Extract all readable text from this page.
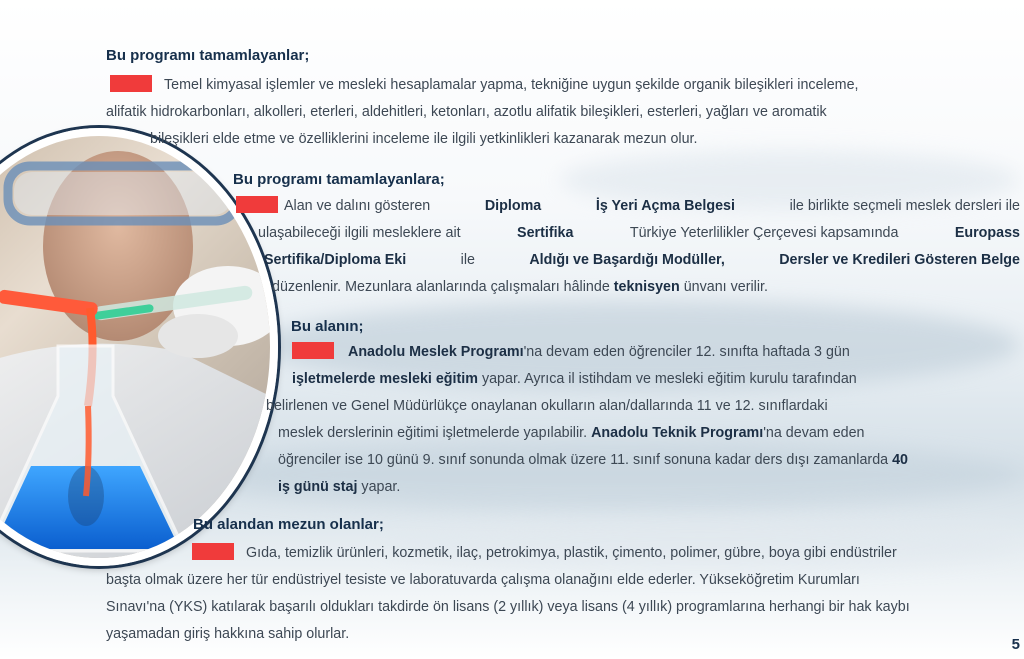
Bu programı tamamlayanlar;
Temel kimyasal işlemler ve mesleki hesaplamalar yapma, tekniğine uygun şekilde organik bileşikleri inceleme,
alifatik hidrokarbonları, alkolleri, eterleri, aldehitleri, ketonları, azotlu alifatik bileşikleri, esterleri, yağları ve aromatik
bileşikleri elde etme ve özelliklerini inceleme ile ilgili yetkinlikleri kazanarak mezun olur.
Bu programı tamamlayanlara;
Alan ve dalını gösteren	Diploma	İş Yeri Açma Belgesi	ile birlikte seçmeli meslek dersleri ile
ulaşabileceği ilgili mesleklere ait	Sertifika	Türkiye Yeterlilikler Çerçevesi kapsamında	Europass
Sertifika/Diploma Eki	ile	Aldığı ve Başardığı Modüller,	Dersler ve Kredileri Gösteren Belge
düzenlenir. Mezunlara alanlarında çalışmaları hâlinde teknisyen ünvanı verilir.
Bu alanın;
Anadolu Meslek Programı'na devam eden öğrenciler 12. sınıfta haftada 3 gün
işletmelerde mesleki eğitim yapar. Ayrıca il istihdam ve mesleki eğitim kurulu tarafından
belirlenen ve Genel Müdürlükçe onaylanan okulların alan/dallarında 11 ve 12. sınıflardaki
meslek derslerinin eğitimi işletmelerde yapılabilir. Anadolu Teknik Programı'na devam eden
öğrenciler ise 10 günü 9. sınıf sonunda olmak üzere 11. sınıf sonuna kadar ders dışı zamanlarda 40
iş günü staj yapar.
Bu alandan mezun olanlar;
Gıda, temizlik ürünleri, kozmetik, ilaç, petrokimya, plastik, çimento, polimer, gübre, boya gibi endüstriler
başta olmak üzere her tür endüstriyel tesiste ve laboratuvarda çalışma olanağını elde ederler. Yükseköğretim Kurumları
Sınavı'na (YKS) katılarak başarılı oldukları takdirde ön lisans (2 yıllık) veya lisans (4 yıllık) programlarına herhangi bir hak kaybı
yaşamadan giriş hakkına sahip olurlar.
5
